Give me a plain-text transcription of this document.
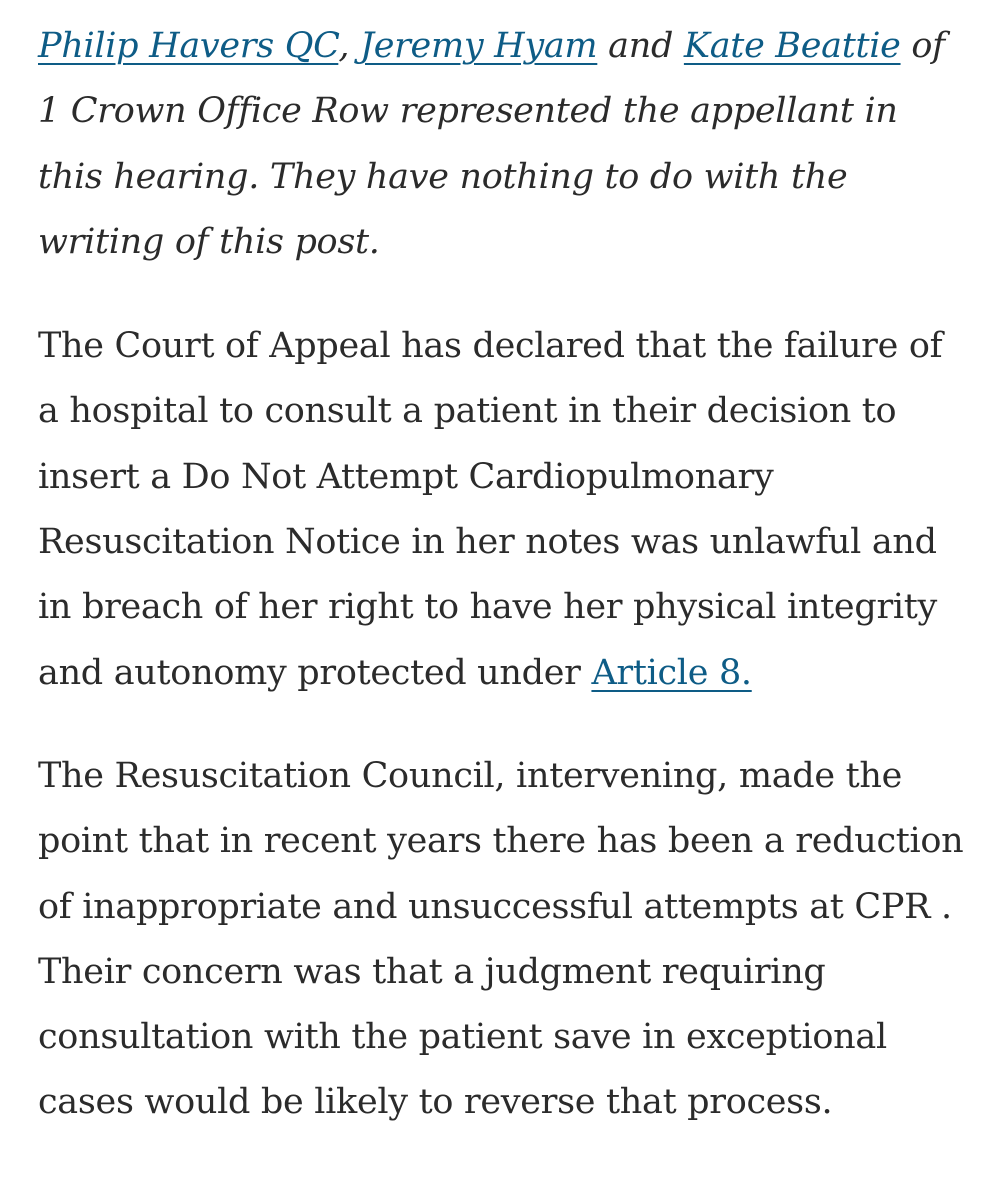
Philip Havers QC, Jeremy Hyam and Kate Beattie of 1 Crown Office Row represented the appellant in this hearing. They have nothing to do with the writing of this post.

The Court of Appeal has declared that the failure of a hospital to consult a patient in their decision to insert a Do Not Attempt Cardiopulmonary Resuscitation Notice in her notes was unlawful and in breach of her right to have her physical integrity and autonomy protected under Article 8.

The Resuscitation Council, intervening, made the point that in recent years there has been a reduction of inappropriate and unsuccessful attempts at CPR . Their concern was that a judgment requiring consultation with the patient save in exceptional cases would be likely to reverse that process.
